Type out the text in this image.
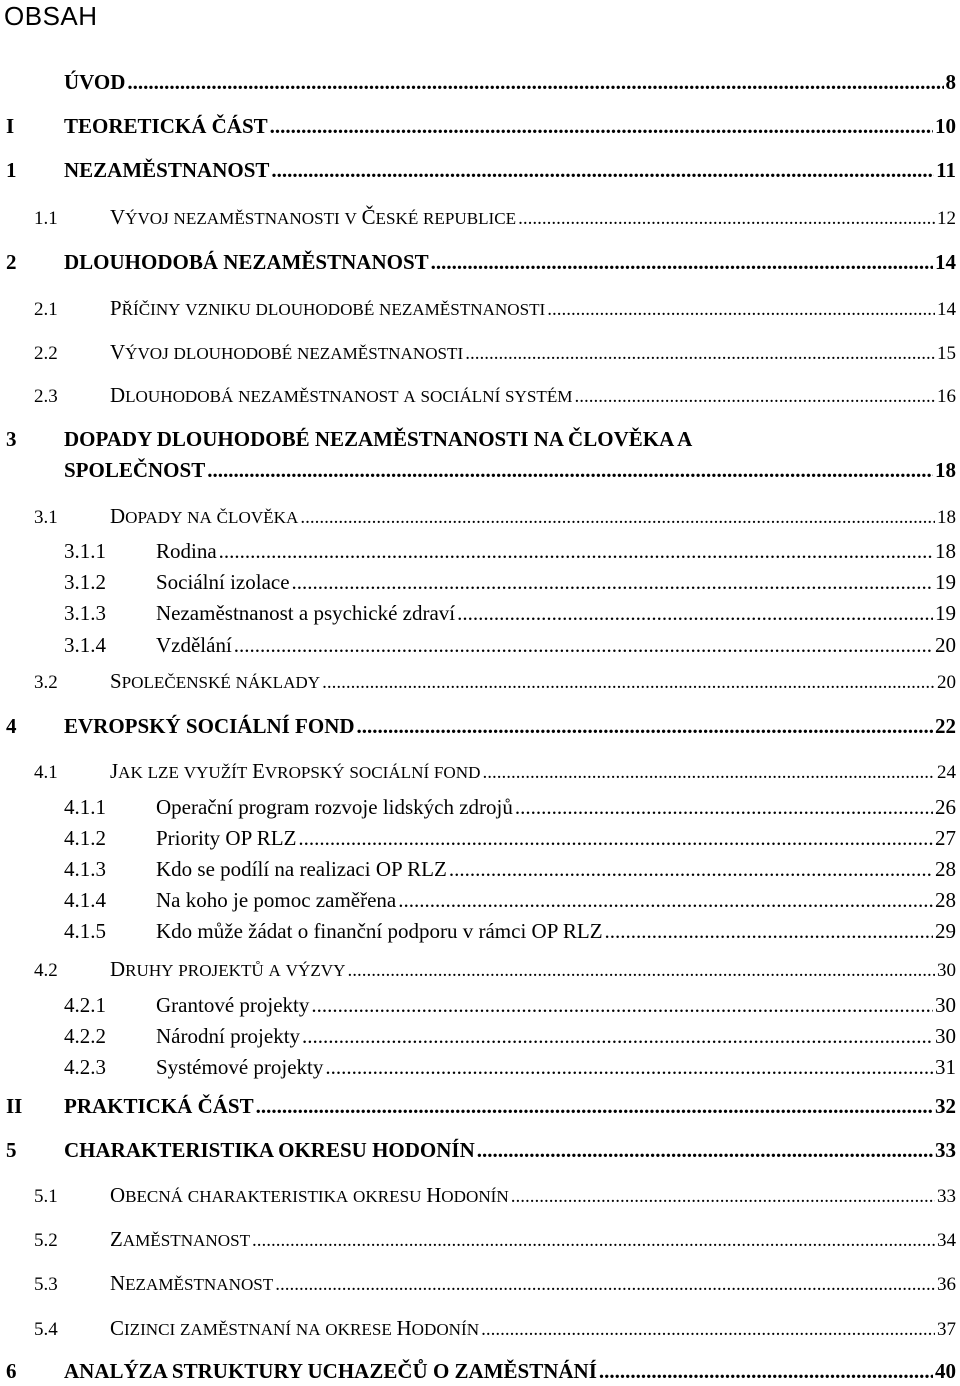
OBSAH
ÚVOD .....	8
I	TEORETICKÁ ČÁST .....	10
1	NEZAMĚSTNANOST .....	11
1.1	VÝVOJ NEZAMĚSTNANOSTI V ČESKÉ REPUBLICE .....	12
2	DLOUHODOBÁ NEZAMĚSTNANOST .....	14
2.1	PŘÍČINY VZNIKU DLOUHODOBÉ NEZAMĚSTNANOSTI .....	14
2.2	VÝVOJ DLOUHODOBÉ NEZAMĚSTNANOSTI .....	15
2.3	DLOUHODOBÁ NEZAMĚSTNANOST A SOCIÁLNÍ SYSTÉM .....	16
3	DOPADY DLOUHODOBÉ NEZAMĚSTNANOSTI NA ČLOVĚKA A
SPOLEČNOST .....	18
3.1	DOPADY NA ČLOVĚKA .....	18
3.1.1	Rodina .....	18
3.1.2	Sociální izolace .....	19
3.1.3	Nezaměstnanost a psychické zdraví .....	19
3.1.4	Vzdělání .....	20
3.2	SPOLEČENSKÉ NÁKLADY .....	20
4	EVROPSKÝ SOCIÁLNÍ FOND .....	22
4.1	JAK LZE VYUŽÍT EVROPSKÝ SOCIÁLNÍ FOND .....	24
4.1.1	Operační program rozvoje lidských zdrojů .....	26
4.1.2	Priority OP RLZ .....	27
4.1.3	Kdo se podílí na realizaci OP RLZ .....	28
4.1.4	Na koho je pomoc zaměřena .....	28
4.1.5	Kdo může žádat o finanční podporu v rámci OP RLZ .....	29
4.2	DRUHY PROJEKTŮ A VÝZVY .....	30
4.2.1	Grantové projekty .....	30
4.2.2	Národní projekty .....	30
4.2.3	Systémové projekty .....	31
II	PRAKTICKÁ ČÁST .....	32
5	CHARAKTERISTIKA OKRESU HODONÍN .....	33
5.1	OBECNÁ CHARAKTERISTIKA OKRESU HODONÍN .....	33
5.2	ZAMĚSTNANOST .....	34
5.3	NEZAMĚSTNANOST .....	36
5.4	CIZINCI ZAMĚSTNANÍ NA OKRESE HODONÍN .....	37
6	ANALÝZA STRUKTURY UCHAZEČŮ O ZAMĚSTNÁNÍ .....	40
